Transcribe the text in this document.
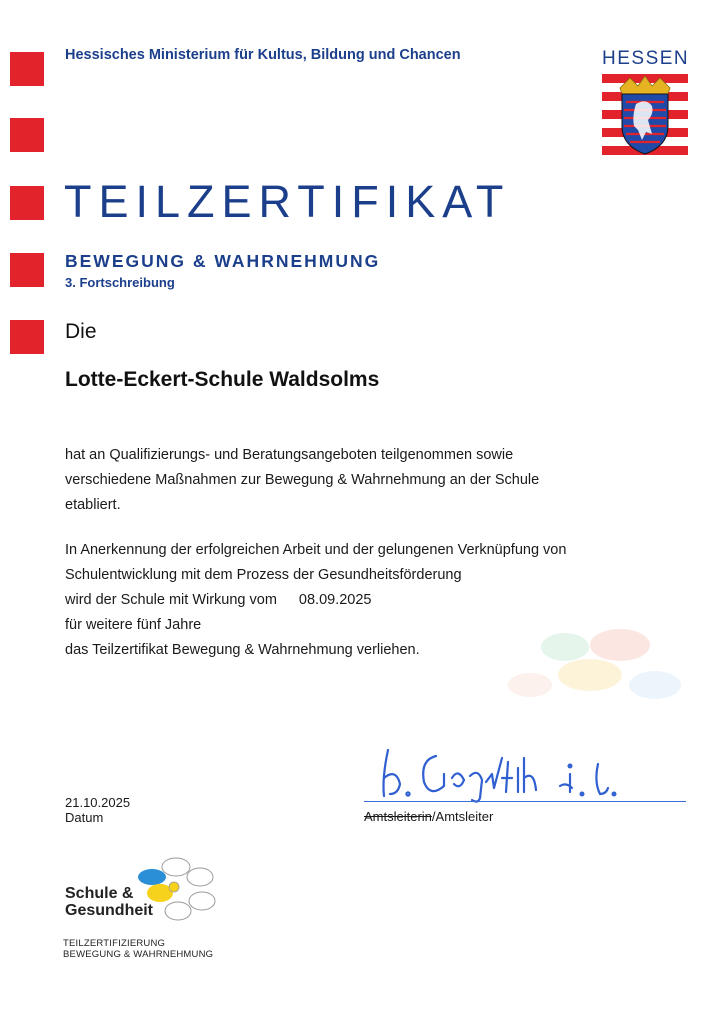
Hessisches Ministerium für Kultus, Bildung und Chancen	HESSEN
TEILZERTIFIKAT
BEWEGUNG & WAHRNEHMUNG
3. Fortschreibung
Die
Lotte-Eckert-Schule Waldsolms
hat an Qualifizierungs- und Beratungsangeboten teilgenommen sowie
verschiedene Maßnahmen zur Bewegung & Wahrnehmung an der Schule
etabliert.
In Anerkennung der erfolgreichen Arbeit und der gelungenen Verknüpfung von
Schulentwicklung mit dem Prozess der Gesundheitsförderung
wird der Schule mit Wirkung vom 08.09.2025
für weitere fünf Jahre
das Teilzertifikat Bewegung & Wahrnehmung verliehen.
Amtsleiterin/Amtsleiter
21.10.2025
Datum
Schule &
Gesundheit
TEILZERTIFIZIERUNG
BEWEGUNG & WAHRNEHMUNG
